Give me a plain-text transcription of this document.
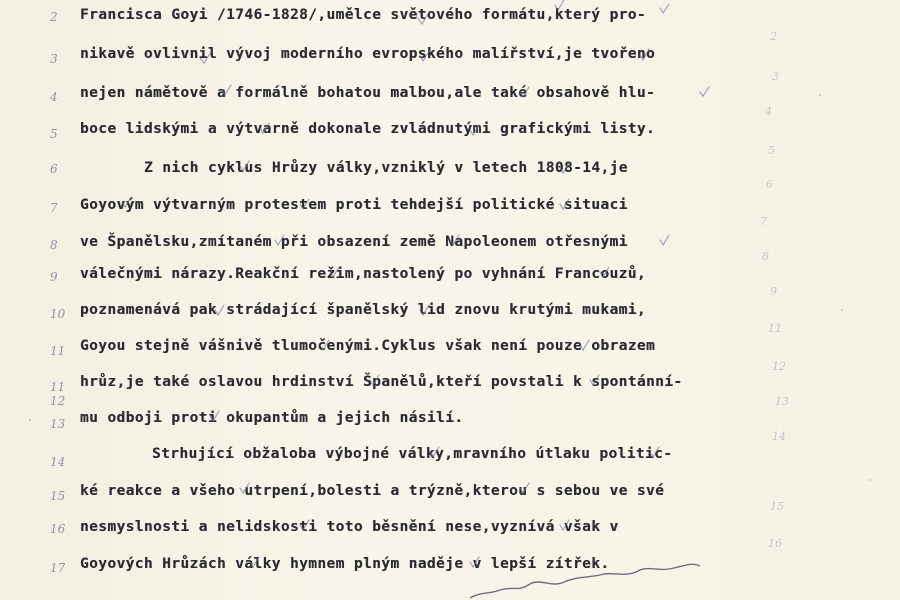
Francisca Goyi /1746-1828/,umělce světového formátu,který pro-
nikavě ovlivnil vývoj moderního evropského malířství,je tvořeno
nejen námětově a formálně bohatou malbou,ale také obsahově hlu-
boce lidskými a výtvarně dokonale zvládnutými grafickými listy.
Z nich cyklus Hrůzy války,vzniklý v letech 1808-14,je
Goyovým výtvarným protestem proti tehdejší politické situaci
ve Španělsku,zmítaném při obsazení země Napoleonem otřesnými
válečnými nárazy.Reakční režim,nastolený po vyhnání Francouzů,
poznamenává pak strádající španělský lid znovu krutými mukami,
Goyou stejně vášnivě tlumočenými.Cyklus však není pouze obrazem
hrůz,je také oslavou hrdinství Španělů,kteří povstali k spontánní-
mu odboji proti okupantům a jejich násilí.
Strhující obžaloba výbojné války,mravního útlaku politic-
ké reakce a všeho utrpení,bolesti a trýzně,kterou s sebou ve své
nesmyslnosti a nelidskosti toto běsnění nese,vyznívá však v
Goyových Hrůzách války hymnem plným naděje v lepší zítřek.
2
3
4
5
6
7
8
9
10
11
11
12
13
14
15
16
17
2
3
4
5
6
7
8
9
11
12
13
14
15
16
